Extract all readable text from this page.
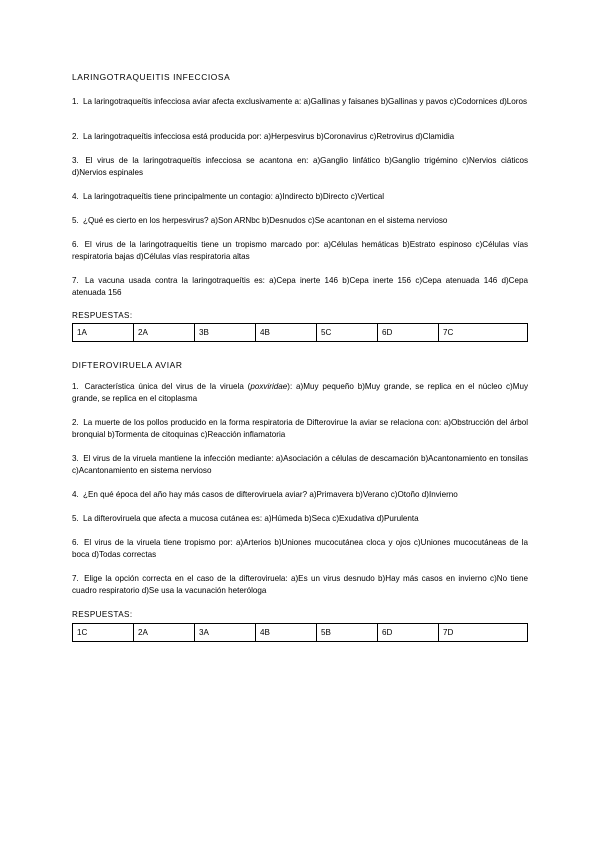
LARINGOTRAQUEITIS INFECCIOSA
1. La laringotraqueítis infecciosa aviar afecta exclusivamente a: a)Gallinas y faisanes b)Gallinas y pavos c)Codornices d)Loros
2. La laringotraqueítis infecciosa está producida por: a)Herpesvirus b)Coronavirus c)Retrovirus d)Clamidia
3. El virus de la laringotraqueítis infecciosa se acantona en: a)Ganglio linfático b)Ganglio trigémino c)Nervios ciáticos d)Nervios espinales
4. La laringotraqueítis tiene principalmente un contagio: a)Indirecto b)Directo c)Vertical
5. ¿Qué es cierto en los herpesvirus? a)Son ARNbc b)Desnudos c)Se acantonan en el sistema nervioso
6. El virus de la laringotraqueítis tiene un tropismo marcado por: a)Células hemáticas b)Estrato espinoso c)Células vías respiratoria bajas d)Células vías respiratoria altas
7. La vacuna usada contra la laringotraqueítis es: a)Cepa inerte 146 b)Cepa inerte 156 c)Cepa atenuada 146 d)Cepa atenuada 156
RESPUESTAS:
1A	2A	3B	4B	5C	6D	7C
DIFTEROVIRUELA AVIAR
1. Característica única del virus de la viruela (poxviridae): a)Muy pequeño b)Muy grande, se replica en el núcleo c)Muy grande, se replica en el citoplasma
2. La muerte de los pollos producido en la forma respiratoria de Difterovirue la aviar se relaciona con: a)Obstrucción del árbol bronquial b)Tormenta de citoquinas c)Reacción inflamatoria
3. El virus de la viruela mantiene la infección mediante: a)Asociación a células de descamación b)Acantonamiento en tonsilas c)Acantonamiento en sistema nervioso
4. ¿En qué época del año hay más casos de difteroviruela aviar? a)Primavera b)Verano c)Otoño d)Invierno
5. La difteroviruela que afecta a mucosa cutánea es: a)Húmeda b)Seca c)Exudativa d)Purulenta
6. El virus de la viruela tiene tropismo por: a)Arterios b)Uniones mucocutánea cloca y ojos c)Uniones mucocutáneas de la boca d)Todas correctas
7. Elige la opción correcta en el caso de la difteroviruela: a)Es un virus desnudo b)Hay más casos en invierno c)No tiene cuadro respiratorio d)Se usa la vacunación heteróloga
RESPUESTAS:
1C	2A	3A	4B	5B	6D	7D
